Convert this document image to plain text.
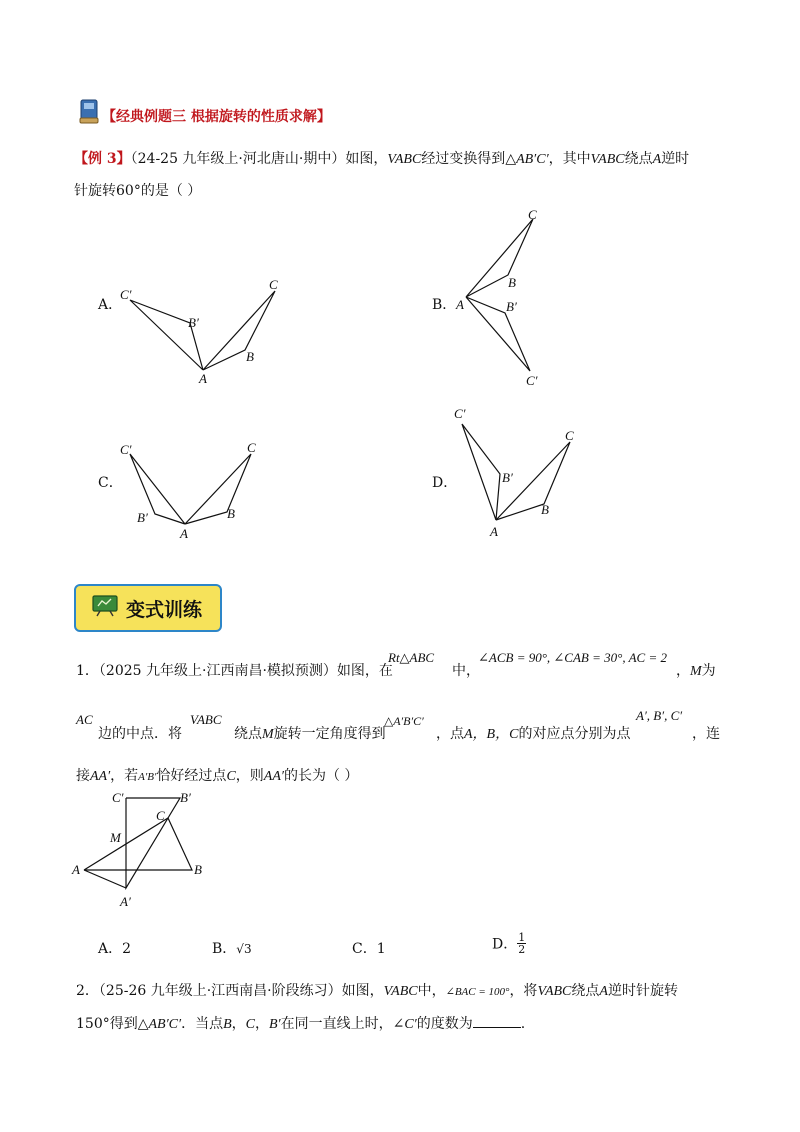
【经典例题三 根据旋转的性质求解】
【例 3】（24-25 九年级上·河北唐山·期中）如图，VABC经过变换得到△AB′C′，其中VABC绕点A逆时
针旋转60°的是（ ）
A．	B．
C．	D．
C′
B′
C
B
A
C
B
A	B′
C′
C′	C
B′	B
A
C′
C
B′
B
A
变式训练
1．（2025 九年级上·江西南昌·模拟预测）如图，在
Rt△ABC
中，
∠ACB = 90°, ∠CAB = 30°, AC = 2
，M为
AC
边的中点．将
VABC
绕点M旋转一定角度得到
△A′B′C′
，点A，B，C的对应点分别为点
A′, B′, C′
，连
接AA′，若A′B′恰好经过点C，则AA′的长为（ ）
C′	B′
M
C
A	B
A′
A．2	B．√3	C．1	D． $\frac{1}{2}$
2．（25-26 九年级上·江西南昌·阶段练习）如图，VABC中，∠BAC = 100°，将VABC绕点A逆时针旋转
150°得到△AB′C′．当点B，C，B′在同一直线上时，∠C′的度数为	.
